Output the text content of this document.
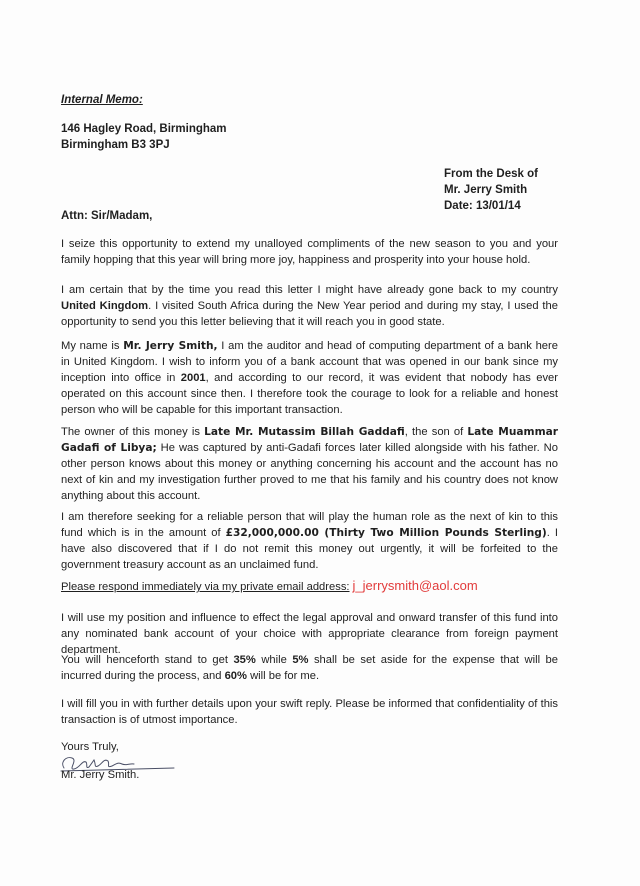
Internal Memo:
146 Hagley Road, Birmingham
Birmingham B3 3PJ
From the Desk of
Mr. Jerry Smith
Date: 13/01/14
Attn: Sir/Madam,
I seize this opportunity to extend my unalloyed compliments of the new season to you and your family hopping that this year will bring more joy, happiness and prosperity into your house hold.
I am certain that by the time you read this letter I might have already gone back to my country United Kingdom. I visited South Africa during the New Year period and during my stay, I used the opportunity to send you this letter believing that it will reach you in good state.
My name is Mr. Jerry Smith, I am the auditor and head of computing department of a bank here in United Kingdom. I wish to inform you of a bank account that was opened in our bank since my inception into office in 2001, and according to our record, it was evident that nobody has ever operated on this account since then. I therefore took the courage to look for a reliable and honest person who will be capable for this important transaction.
The owner of this money is Late Mr. Mutassim Billah Gaddafi, the son of Late Muammar Gadafi of Libya; He was captured by anti-Gadafi forces later killed alongside with his father. No other person knows about this money or anything concerning his account and the account has no next of kin and my investigation further proved to me that his family and his country does not know anything about this account.
I am therefore seeking for a reliable person that will play the human role as the next of kin to this fund which is in the amount of £32,000,000.00 (Thirty Two Million Pounds Sterling). I have also discovered that if I do not remit this money out urgently, it will be forfeited to the government treasury account as an unclaimed fund.
Please respond immediately via my private email address: j_jerrysmith@aol.com
I will use my position and influence to effect the legal approval and onward transfer of this fund into any nominated bank account of your choice with appropriate clearance from foreign payment department.
You will henceforth stand to get 35% while 5% shall be set aside for the expense that will be incurred during the process, and 60% will be for me.
I will fill you in with further details upon your swift reply. Please be informed that confidentiality of this transaction is of utmost importance.
Yours Truly,
Mr. Jerry Smith.
